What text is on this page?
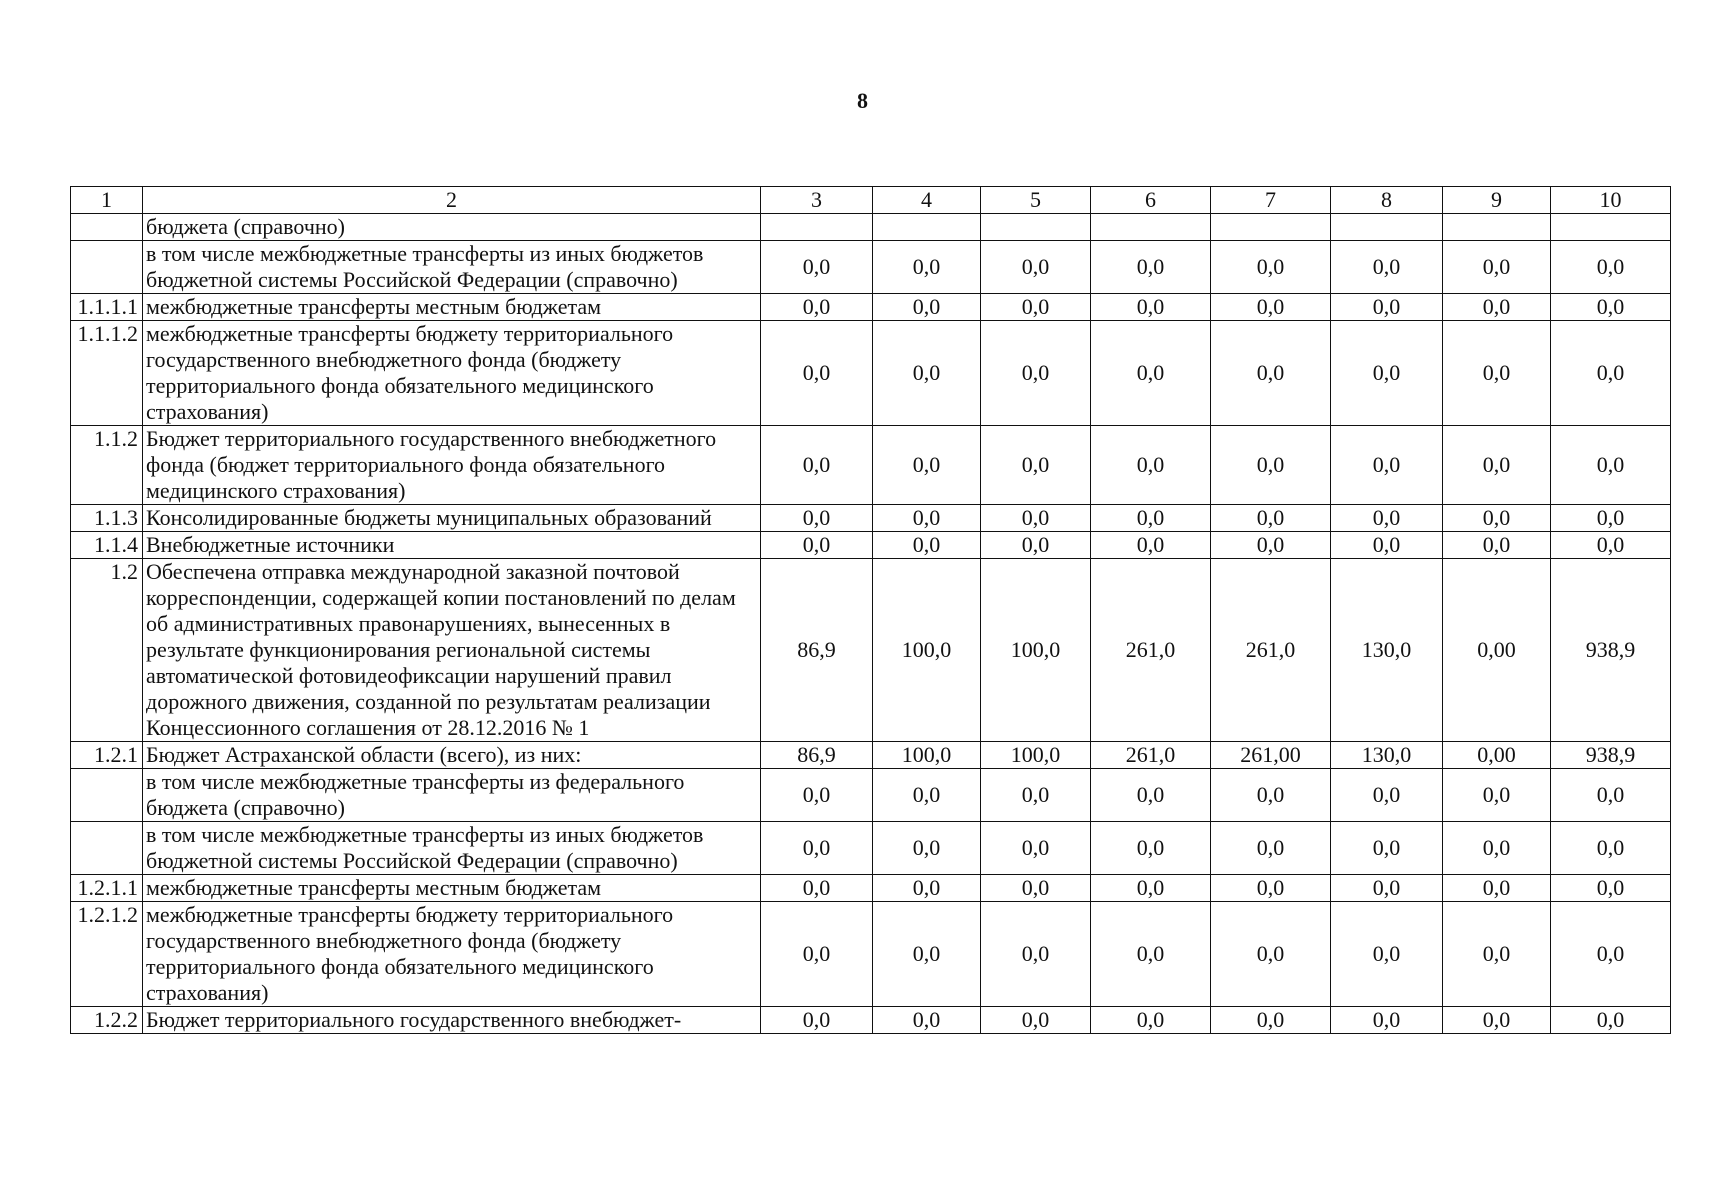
8
1	2	3	4	5	6	7	8	9	10
	бюджета (справочно)								
	в том числе межбюджетные трансферты из иных бюджетов бюджетной системы Российской Федерации (справочно)	0,0	0,0	0,0	0,0	0,0	0,0	0,0	0,0
1.1.1.1	межбюджетные трансферты местным бюджетам	0,0	0,0	0,0	0,0	0,0	0,0	0,0	0,0
1.1.1.2	межбюджетные трансферты бюджету территориального государственного внебюджетного фонда (бюджету территориального фонда обязательного медицинского страхования)	0,0	0,0	0,0	0,0	0,0	0,0	0,0	0,0
1.1.2	Бюджет территориального государственного внебюджетного фонда (бюджет территориального фонда обязательного медицинского страхования)	0,0	0,0	0,0	0,0	0,0	0,0	0,0	0,0
1.1.3	Консолидированные бюджеты муниципальных образований	0,0	0,0	0,0	0,0	0,0	0,0	0,0	0,0
1.1.4	Внебюджетные источники	0,0	0,0	0,0	0,0	0,0	0,0	0,0	0,0
1.2	Обеспечена отправка международной заказной почтовой корреспонденции, содержащей копии постановлений по делам об административных правонарушениях, вынесенных в результате функционирования региональной системы автоматической фотовидеофиксации нарушений правил дорожного движения, созданной по результатам реализации Концессионного соглашения от 28.12.2016 № 1	86,9	100,0	100,0	261,0	261,0	130,0	0,00	938,9
1.2.1	Бюджет Астраханской области (всего), из них:	86,9	100,0	100,0	261,0	261,00	130,0	0,00	938,9
	в том числе межбюджетные трансферты из федерального бюджета (справочно)	0,0	0,0	0,0	0,0	0,0	0,0	0,0	0,0
	в том числе межбюджетные трансферты из иных бюджетов бюджетной системы Российской Федерации (справочно)	0,0	0,0	0,0	0,0	0,0	0,0	0,0	0,0
1.2.1.1	межбюджетные трансферты местным бюджетам	0,0	0,0	0,0	0,0	0,0	0,0	0,0	0,0
1.2.1.2	межбюджетные трансферты бюджету территориального государственного внебюджетного фонда (бюджету территориального фонда обязательного медицинского страхования)	0,0	0,0	0,0	0,0	0,0	0,0	0,0	0,0
1.2.2	Бюджет территориального государственного внебюджет-	0,0	0,0	0,0	0,0	0,0	0,0	0,0	0,0
